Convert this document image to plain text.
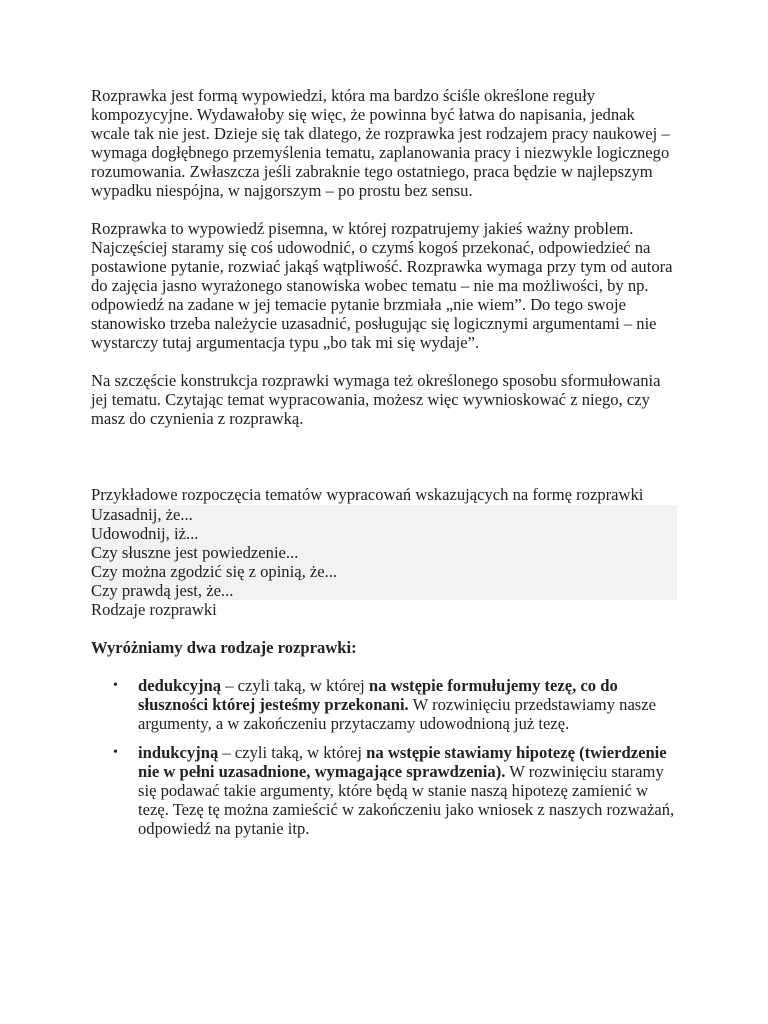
Rozprawka jest formą wypowiedzi, która ma bardzo ściśle określone reguły kompozycyjne. Wydawałoby się więc, że powinna być łatwa do napisania, jednak wcale tak nie jest. Dzieje się tak dlatego, że rozprawka jest rodzajem pracy naukowej – wymaga dogłębnego przemyślenia tematu, zaplanowania pracy i niezwykle logicznego rozumowania. Zwłaszcza jeśli zabraknie tego ostatniego, praca będzie w najlepszym wypadku niespójna, w najgorszym – po prostu bez sensu.

Rozprawka to wypowiedź pisemna, w której rozpatrujemy jakieś ważny problem. Najczęściej staramy się coś udowodnić, o czymś kogoś przekonać, odpowiedzieć na postawione pytanie, rozwiać jakąś wątpliwość. Rozprawka wymaga przy tym od autora do zajęcia jasno wyrażonego stanowiska wobec tematu – nie ma możliwości, by np. odpowiedź na zadane w jej temacie pytanie brzmiała „nie wiem”. Do tego swoje stanowisko trzeba należycie uzasadnić, posługując się logicznymi argumentami – nie wystarczy tutaj argumentacja typu „bo tak mi się wydaje”.

Na szczęście konstrukcja rozprawki wymaga też określonego sposobu sformułowania jej tematu. Czytając temat wypracowania, możesz więc wywnioskować z niego, czy masz do czynienia z rozprawką.

Przykładowe rozpoczęcia tematów wypracowań wskazujących na formę rozprawki

Uzasadnij, że...
Udowodnij, iż...
Czy słuszne jest powiedzenie...
Czy można zgodzić się z opinią, że...
Czy prawdą jest, że...
Rodzaje rozprawki

Wyróżniamy dwa rodzaje rozprawki:

• dedukcyjną – czyli taką, w której na wstępie formułujemy tezę, co do słuszności której jesteśmy przekonani. W rozwinięciu przedstawiamy nasze argumenty, a w zakończeniu przytaczamy udowodnioną już tezę.
• indukcyjną – czyli taką, w której na wstępie stawiamy hipotezę (twierdzenie nie w pełni uzasadnione, wymagające sprawdzenia). W rozwinięciu staramy się podawać takie argumenty, które będą w stanie naszą hipotezę zamienić w tezę. Tezę tę można zamieścić w zakończeniu jako wniosek z naszych rozważań, odpowiedź na pytanie itp.
